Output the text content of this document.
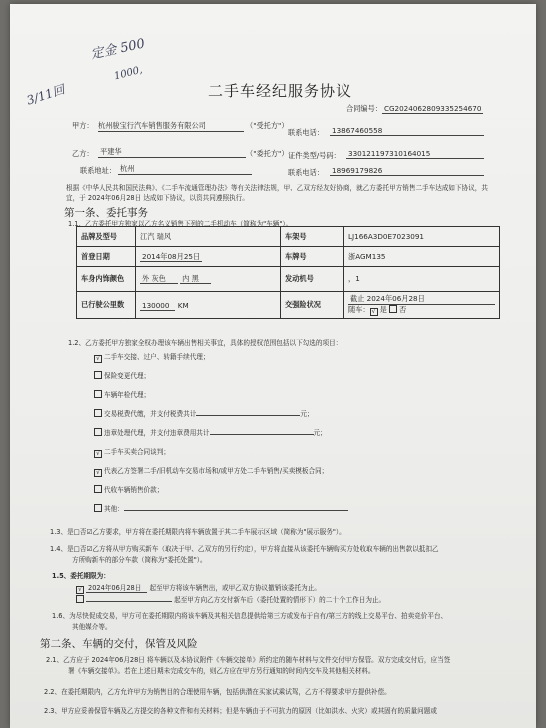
定金 500
3/11回
1000,
二手车经纪服务协议
合同编号： CG2024062809335254670
甲方： 杭州骏宝行汽车销售服务有限公司	（"受托方"）
联系电话： 13867460558
乙方： 平建华	（"委托方"） 证件类型/号码： 330121197310164015
联系地址： 杭州	联系电话： 18969179826
根据《中华人民共和国民法典》、《二手车流通管理办法》等有关法律法规，甲、乙双方经友好协商，就乙方委托甲方销售二手车达成如下协议，共
宜，于 2024年06月28日 达成如下协议，以资共同遵照执行。
第一条、委托事务
1.1、乙方委托甲方独家以乙方名义销售下列的二手机动车（简称为"车辆"）。
品牌及型号	江汽 瑞风	车架号	LJ166A3D0E7023091
首登日期	2014年08月25日	车牌号	浙AGM135
车身内饰颜色	外 灰色 内 黑	发动机号	，1
已行驶公里数	130000 KM	交强险状况	截止 2024年06月28日
随车： √ 是 否
1.2、乙方委托甲方独家全权办理该车辆出售相关事宜，具体的授权范围包括以下勾选的项目：
√二手车交接、过户、转籍手续代理；
保险变更代理；
车辆年检代理；
交易税费代缴，并支付税费共计	元；
违章处理代理，并支付违章费用共计	元；
√二手车买卖合同谈判；
√代表乙方签署二手/旧机动车交易市场和/或甲方处二手车销售/买卖模板合同；
代收车辆销售价款；
其他：
1.3、是□否☑乙方要求，甲方将在委托期限内将车辆放置于其二手车展示区域（简称为"展示服务"）。
1.4、是□否☑乙方将从甲方购买新车（取决于甲、乙双方的另行约定），甲方将直接从该委托车辆购买方处收取车辆的出售款以抵扣乙
方所购新车的部分车款（简称为"委托处置"）。
1.5、委托期限为：
√2024年06月28日 起至甲方将该车辆售出，或甲乙双方协议撤销该委托为止。
起至甲方向乙方交付新车后（委托处置的情形下）的二十个工作日为止。
1.6、为尽快促成交易，甲方可在委托期限内将该车辆及其相关信息提供给第三方或发布于自有/第三方的线上交易平台、拍卖竞价平台、
其他媒介等。
第二条、车辆的交付，保管及风险
2.1、乙方应于 2024年06月28日 将车辆以及本协议附件《车辆交接单》所约定的随车材料与文件交付甲方保管。双方完成交付后，应当签
署《车辆交接单》。若在上述日期未完成交车的，则乙方应在甲方另行通知的时间内交车及其他相关材料。
2.2、在委托期限内，乙方允许甲方为销售目的合理使用车辆，包括供潜在买家试乘试驾，乙方不得要求甲方提供补偿。
2.3、甲方应妥善保管车辆及乙方提交的各种文件和有关材料；但是车辆由于不可抗力的原因（比如洪水、火灾）或其固有的质量问题或
